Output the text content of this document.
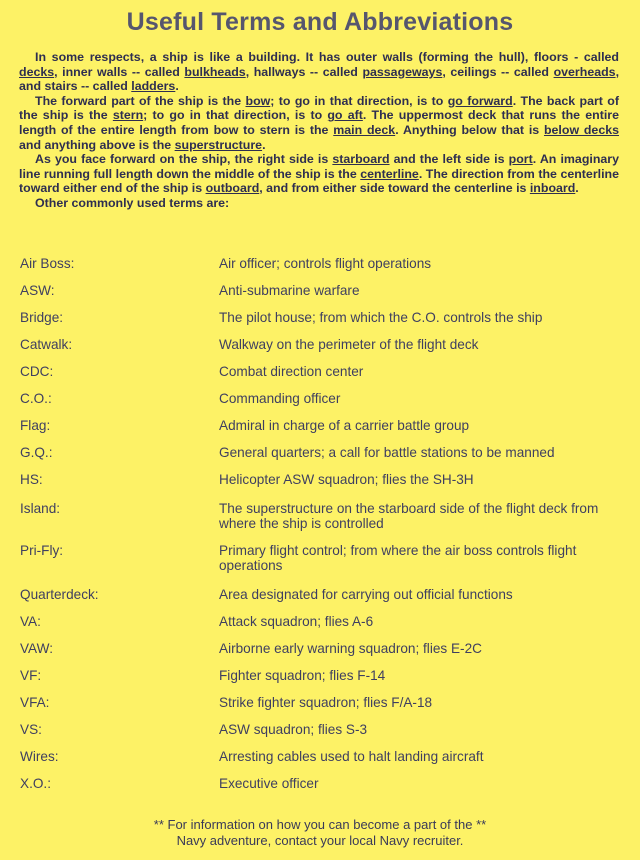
Useful Terms and Abbreviations

In some respects, a ship is like a building. It has outer walls (forming the hull), floors - called decks, inner walls -- called bulkheads, hallways -- called passageways, ceilings -- called overheads, and stairs -- called ladders.

The forward part of the ship is the bow; to go in that direction, is to go forward. The back part of the ship is the stern; to go in that direction, is to go aft. The uppermost deck that runs the entire length of the entire length from bow to stern is the main deck. Anything below that is below decks and anything above is the superstructure.

As you face forward on the ship, the right side is starboard and the left side is port. An imaginary line running full length down the middle of the ship is the centerline. The direction from the centerline toward either end of the ship is outboard, and from either side toward the centerline is inboard.

Other commonly used terms are:

Air Boss:	Air officer; controls flight operations
ASW:	Anti-submarine warfare
Bridge:	The pilot house; from which the C.O. controls the ship
Catwalk:	Walkway on the perimeter of the flight deck
CDC:	Combat direction center
C.O.:	Commanding officer
Flag:	Admiral in charge of a carrier battle group
G.Q.:	General quarters; a call for battle stations to be manned
HS:	Helicopter ASW squadron; flies the SH-3H
Island:	The superstructure on the starboard side of the flight deck from where the ship is controlled
Pri-Fly:	Primary flight control; from where the air boss controls flight operations
Quarterdeck:	Area designated for carrying out official functions
VA:	Attack squadron; flies A-6
VAW:	Airborne early warning squadron; flies E-2C
VF:	Fighter squadron; flies F-14
VFA:	Strike fighter squadron; flies F/A-18
VS:	ASW squadron; flies S-3
Wires:	Arresting cables used to halt landing aircraft
X.O.:	Executive officer
** For information on how you can become a part of the **
Navy adventure, contact your local Navy recruiter.
